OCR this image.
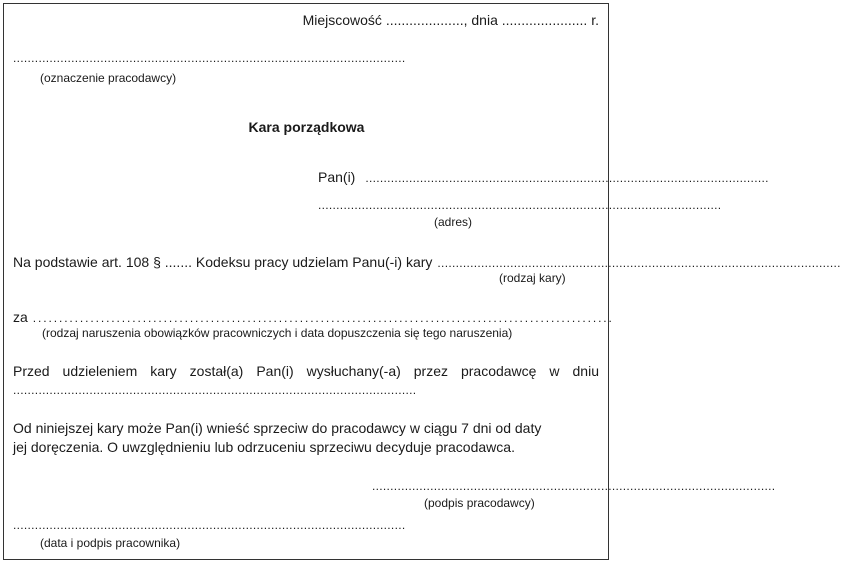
Miejscowość ...................., dnia ...................... r.
............................................................................................................
(oznaczenie pracodawcy)
Kara porządkowa
Pan(i) ...............................................................................................................
...............................................................................................................
(adres)
Na podstawie art. 108 § ....... Kodeksu pracy udzielam Panu(-i) kary ...............................................................................................................
(rodzaj kary)
za ...............................................................................................................
(rodzaj naruszenia obowiązków pracowniczych i data dopuszczenia się tego naruszenia)
Przed udzieleniem kary został(a) Pan(i) wysłuchany(-a) przez pracodawcę w dniu
...............................................................................................................
Od niniejszej kary może Pan(i) wnieść sprzeciw do pracodawcy w ciągu 7 dni od daty
jej doręczenia. O uwzględnieniu lub odrzuceniu sprzeciwu decyduje pracodawca.
...............................................................................................................
(podpis pracodawcy)
............................................................................................................
(data i podpis pracownika)
